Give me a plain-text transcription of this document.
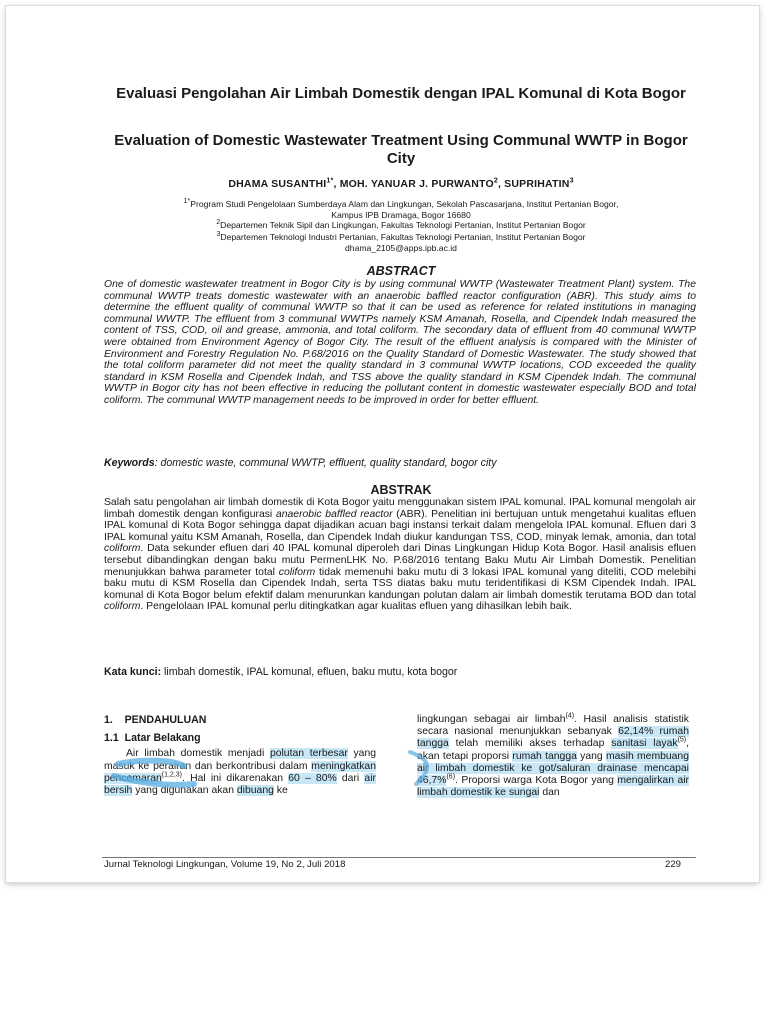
Evaluasi Pengolahan Air Limbah Domestik dengan IPAL Komunal di Kota Bogor
Evaluation of Domestic Wastewater Treatment Using Communal WWTP in Bogor City
DHAMA $SUSANTHI^{1*}$, MOH. YANUAR J. PURWANTO$^2$, SUPRIHATIN$^3$
$^{1*}$Program Studi Pengelolaan Sumberdaya Alam dan Lingkungan, Sekolah Pascasarjana, Institut Pertanian Bogor,
Kampus IPB Dramaga, Bogor 16680
$^2$Departemen Teknik Sipil dan Lingkungan, Fakultas Teknologi Pertanian, Institut Pertanian Bogor
$^3$Departemen Teknologi Industri Pertanian, Fakultas Teknologi Pertanian, Institut Pertanian Bogor
dhama_2105@apps.ipb.ac.id
ABSTRACT

One of domestic wastewater treatment in Bogor City is by using communal WWTP (Wastewater Treatment Plant) system. The communal WWTP treats domestic wastewater with an anaerobic baffled reactor configuration (ABR). This study aims to determine the effluent quality of communal WWTP so that it can be used as reference for related institutions in managing communal WWTP. The effluent from 3 communal WWTPs namely KSM Amanah, Rosella, and Cipendek Indah measured the content of TSS, COD, oil and grease, ammonia, and total coliform. The secondary data of effluent from 40 communal WWTP were obtained from Environment Agency of Bogor City. The result of the effluent analysis is compared with the Minister of Environment and Forestry Regulation No. P.68/2016 on the Quality Standard of Domestic Wastewater. The study showed that the total coliform parameter did not meet the quality standard in 3 communal WWTP locations, COD exceeded the quality standard in KSM Rosella and Cipendek Indah, and TSS above the quality standard in KSM Cipendek Indah. The communal WWTP in Bogor city has not been effective in reducing the pollutant content in domestic wastewater especially BOD and total coliform. The communal WWTP management needs to be improved in order for better effluent.

Keywords: domestic waste, communal WWTP, effluent, quality standard, bogor city
ABSTRAK

Salah satu pengolahan air limbah domestik di Kota Bogor yaitu menggunakan sistem IPAL komunal. IPAL komunal mengolah air limbah domestik dengan konfigurasi anaerobic baffled reactor (ABR). Penelitian ini bertujuan untuk mengetahui kualitas efluen IPAL komunal di Kota Bogor sehingga dapat dijadikan acuan bagi instansi terkait dalam mengelola IPAL komunal. Efluen dari 3 IPAL komunal yaitu KSM Amanah, Rosella, dan Cipendek Indah diukur kandungan TSS, COD, minyak lemak, amonia, dan total coliform. Data sekunder efluen dari 40 IPAL komunal diperoleh dari Dinas Lingkungan Hidup Kota Bogor. Hasil analisis efluen tersebut dibandingkan dengan baku mutu PermenLHK No. P.68/2016 tentang Baku Mutu Air Limbah Domestik. Penelitian menunjukkan bahwa parameter total coliform tidak memenuhi baku mutu di 3 lokasi IPAL komunal yang diteliti, COD melebihi baku mutu di KSM Rosella dan Cipendek Indah, serta TSS diatas baku mutu teridentifikasi di KSM Cipendek Indah. IPAL komunal di Kota Bogor belum efektif dalam menurunkan kandungan polutan dalam air limbah domestik terutama BOD dan total coliform. Pengelolaan IPAL komunal perlu ditingkatkan agar kualitas efluen yang dihasilkan lebih baik.

Kata kunci: limbah domestik, IPAL komunal, efluen, baku mutu, kota bogor

1.    PENDAHULUAN

1.1  Latar Belakang

Air limbah domestik menjadi polutan terbesar yang masuk ke perairan dan berkontribusi dalam meningkatkan pencemaran$^{(1,2,3)}$. Hal ini dikarenakan 60 – 80% dari air bersih yang digunakan akan dibuang ke

lingkungan sebagai air limbah$^{(4)}$. Hasil analisis statistik secara nasional menunjukkan sebanyak 62,14% rumah tangga telah memiliki akses terhadap sanitasi layak$^{(5)}$, akan tetapi proporsi rumah tangga yang masih membuang air limbah domestik ke got/saluran drainase mencapai 46,7%$^{(6)}$. Proporsi warga Kota Bogor yang mengalirkan air limbah domestik ke sungai dan

Jurnal Teknologi Lingkungan, Volume 19, No 2, Juli 2018	229
